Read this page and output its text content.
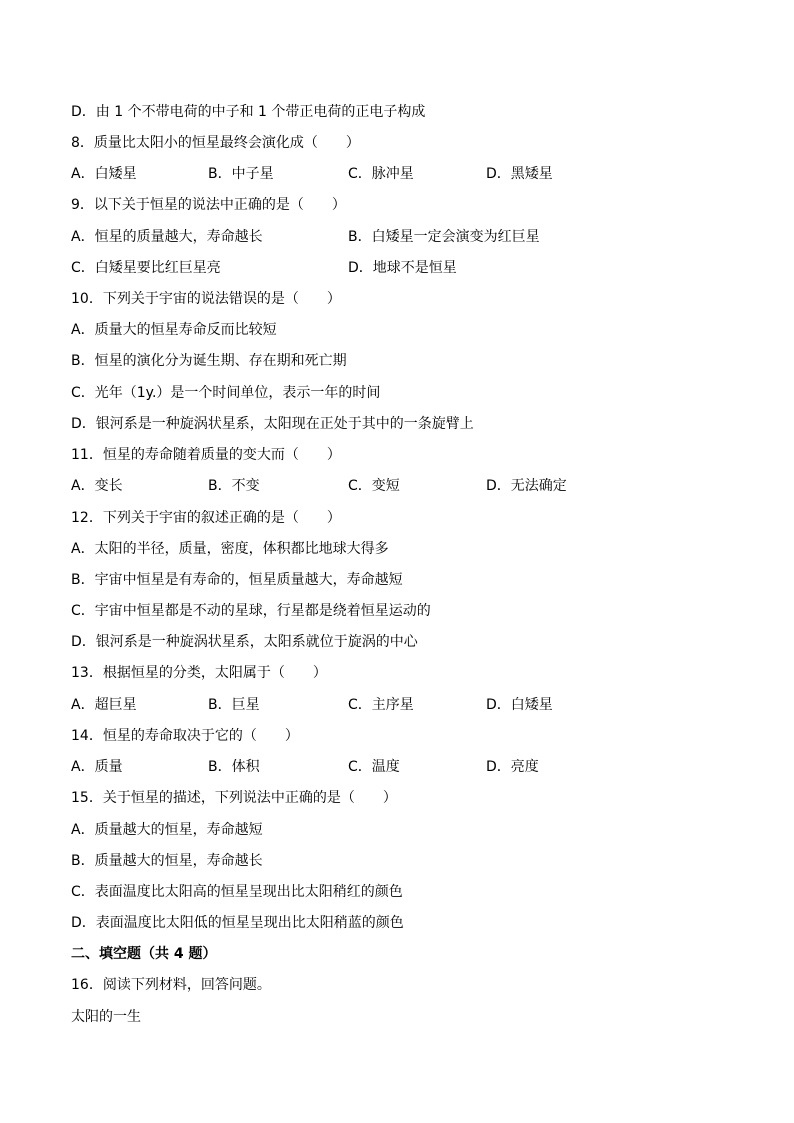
D．由 1 个不带电荷的中子和 1 个带正电荷的正电子构成
8．质量比太阳小的恒星最终会演化成（　　）
A．白矮星	B．中子星	C．脉冲星	D．黑矮星
9．以下关于恒星的说法中正确的是（　　）
A．恒星的质量越大，寿命越长	B．白矮星一定会演变为红巨星
C．白矮星要比红巨星亮	D．地球不是恒星
10．下列关于宇宙的说法错误的是（　　）
A．质量大的恒星寿命反而比较短
B．恒星的演化分为诞生期、存在期和死亡期
C．光年（1y.）是一个时间单位，表示一年的时间
D．银河系是一种旋涡状星系，太阳现在正处于其中的一条旋臂上
11．恒星的寿命随着质量的变大而（　　）
A．变长	B．不变	C．变短	D．无法确定
12．下列关于宇宙的叙述正确的是（　　）
A．太阳的半径，质量，密度，体积都比地球大得多
B．宇宙中恒星是有寿命的，恒星质量越大，寿命越短
C．宇宙中恒星都是不动的星球，行星都是绕着恒星运动的
D．银河系是一种旋涡状星系，太阳系就位于旋涡的中心
13．根据恒星的分类，太阳属于（　　）
A．超巨星	B．巨星	C．主序星	D．白矮星
14．恒星的寿命取决于它的（　　）
A．质量	B．体积	C．温度	D．亮度
15．关于恒星的描述，下列说法中正确的是（　　）
A．质量越大的恒星，寿命越短
B．质量越大的恒星，寿命越长
C．表面温度比太阳高的恒星呈现出比太阳稍红的颜色
D．表面温度比太阳低的恒星呈现出比太阳稍蓝的颜色
二、填空题（共 4 题）
16．阅读下列材料，回答问题。
太阳的一生
